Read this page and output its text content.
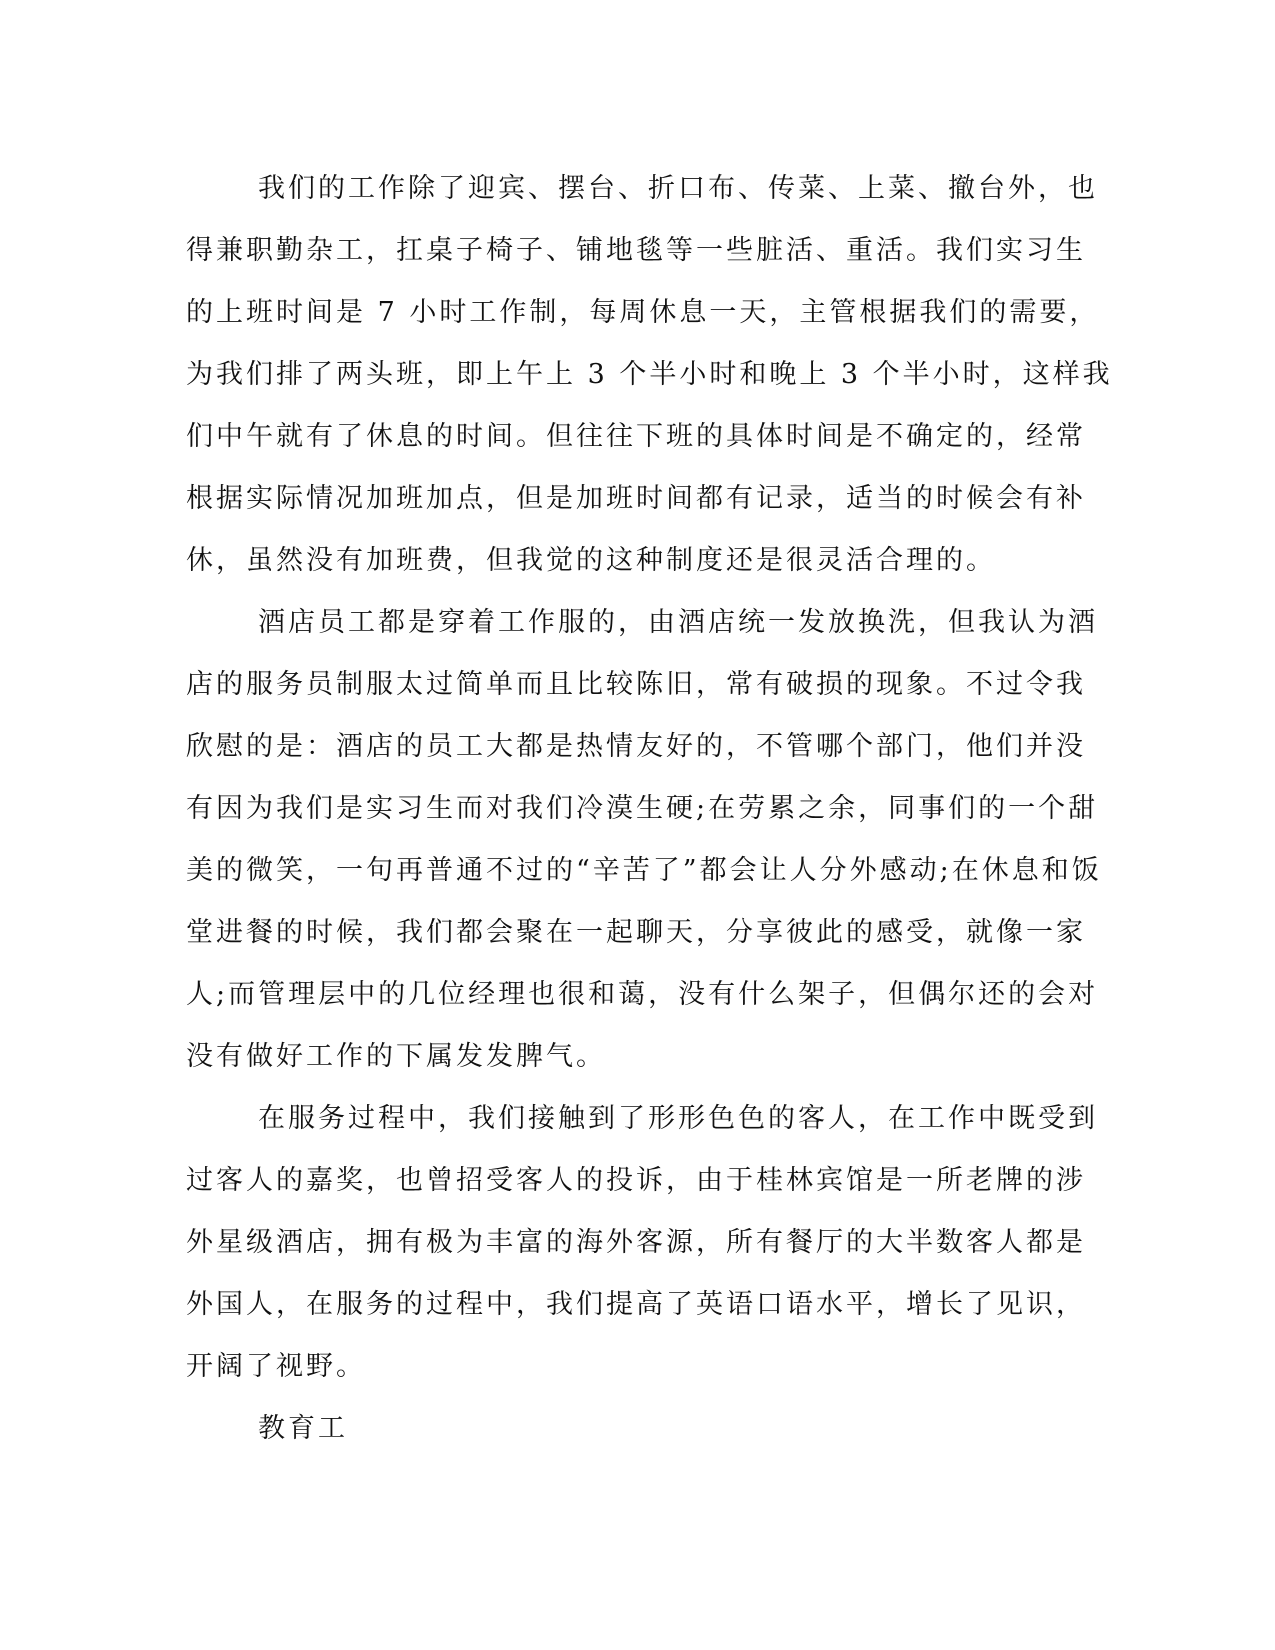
我们的工作除了迎宾、摆台、折口布、传菜、上菜、撤台外，也
得兼职勤杂工，扛桌子椅子、铺地毯等一些脏活、重活。我们实习生
的上班时间是 7 小时工作制，每周休息一天，主管根据我们的需要，
为我们排了两头班，即上午上 3 个半小时和晚上 3 个半小时，这样我
们中午就有了休息的时间。但往往下班的具体时间是不确定的，经常
根据实际情况加班加点，但是加班时间都有记录，适当的时候会有补
休，虽然没有加班费，但我觉的这种制度还是很灵活合理的。
酒店员工都是穿着工作服的，由酒店统一发放换洗，但我认为酒
店的服务员制服太过简单而且比较陈旧，常有破损的现象。不过令我
欣慰的是：酒店的员工大都是热情友好的，不管哪个部门，他们并没
有因为我们是实习生而对我们冷漠生硬;在劳累之余，同事们的一个甜
美的微笑，一句再普通不过的“辛苦了”都会让人分外感动;在休息和饭
堂进餐的时候，我们都会聚在一起聊天，分享彼此的感受，就像一家
人;而管理层中的几位经理也很和蔼，没有什么架子，但偶尔还的会对
没有做好工作的下属发发脾气。
在服务过程中，我们接触到了形形色色的客人，在工作中既受到
过客人的嘉奖，也曾招受客人的投诉，由于桂林宾馆是一所老牌的涉
外星级酒店，拥有极为丰富的海外客源，所有餐厅的大半数客人都是
外国人，在服务的过程中，我们提高了英语口语水平，增长了见识，
开阔了视野。
教育工
